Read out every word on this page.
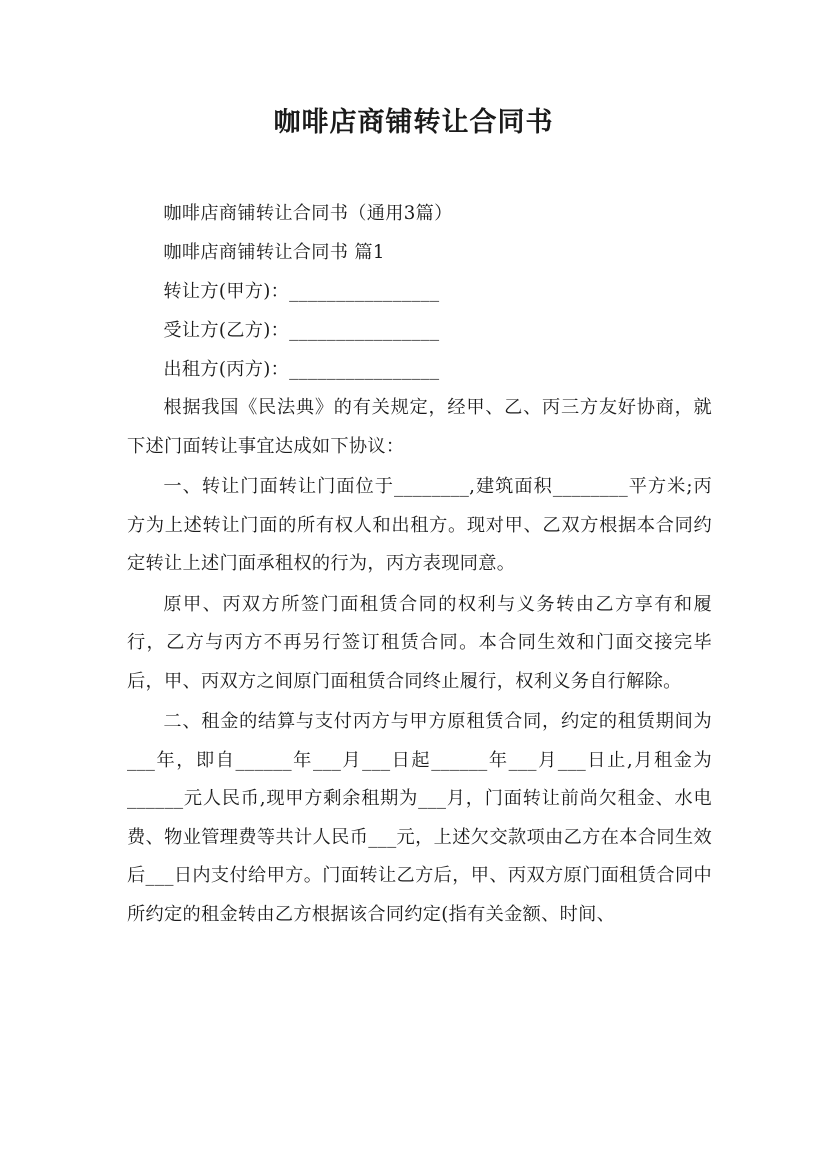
咖啡店商铺转让合同书

咖啡店商铺转让合同书（通用3篇）

咖啡店商铺转让合同书 篇1

转让方(甲方)：________________

受让方(乙方)：________________

出租方(丙方)：________________

根据我国《民法典》的有关规定，经甲、乙、丙三方友好协商，就下述门面转让事宜达成如下协议：

一、转让门面转让门面位于________,建筑面积________平方米;丙方为上述转让门面的所有权人和出租方。现对甲、乙双方根据本合同约定转让上述门面承租权的行为，丙方表现同意。

原甲、丙双方所签门面租赁合同的权利与义务转由乙方享有和履行，乙方与丙方不再另行签订租赁合同。本合同生效和门面交接完毕后，甲、丙双方之间原门面租赁合同终止履行，权利义务自行解除。

二、租金的结算与支付丙方与甲方原租赁合同，约定的租赁期间为___年，即自______年___月___日起______年___月___日止,月租金为______元人民币,现甲方剩余租期为___月，门面转让前尚欠租金、水电费、物业管理费等共计人民币___元，上述欠交款项由乙方在本合同生效后___日内支付给甲方。门面转让乙方后，甲、丙双方原门面租赁合同中所约定的租金转由乙方根据该合同约定(指有关金额、时间、
